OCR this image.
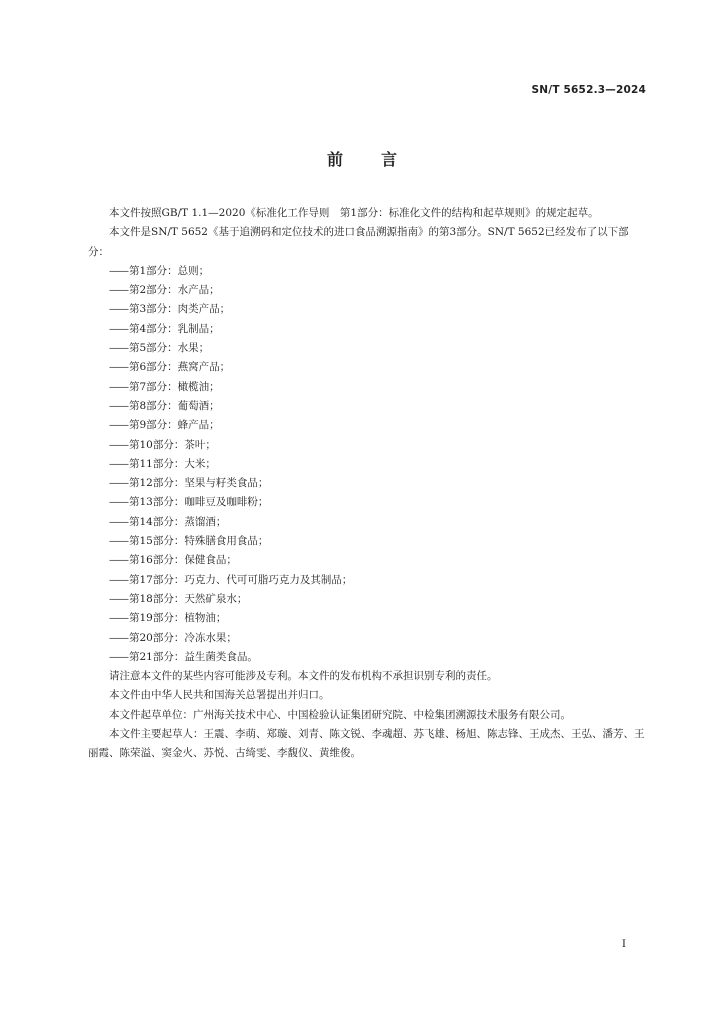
SN/T 5652.3—2024
前言

本文件按照GB/T 1.1—2020《标准化工作导则　第1部分：标准化文件的结构和起草规则》的规定起草。

本文件是SN/T 5652《基于追溯码和定位技术的进口食品溯源指南》的第3部分。SN/T 5652已经发布了以下部分：

——第1部分：总则；
——第2部分：水产品；
——第3部分：肉类产品；
——第4部分：乳制品；
——第5部分：水果；
——第6部分：燕窝产品；
——第7部分：橄榄油；
——第8部分：葡萄酒；
——第9部分：蜂产品；
——第10部分：茶叶；
——第11部分：大米；
——第12部分：坚果与籽类食品；
——第13部分：咖啡豆及咖啡粉；
——第14部分：蒸馏酒；
——第15部分：特殊膳食用食品；
——第16部分：保健食品；
——第17部分：巧克力、代可可脂巧克力及其制品；
——第18部分：天然矿泉水；
——第19部分：植物油；
——第20部分：冷冻水果；
——第21部分：益生菌类食品。

请注意本文件的某些内容可能涉及专利。本文件的发布机构不承担识别专利的责任。

本文件由中华人民共和国海关总署提出并归口。

本文件起草单位：广州海关技术中心、中国检验认证集团研究院、中检集团溯源技术服务有限公司。

本文件主要起草人：王震、李萌、郑璇、刘青、陈文锐、李魂超、苏飞雄、杨旭、陈志锋、王成杰、王弘、潘芳、王丽霞、陈荣溢、窦金火、苏悦、古绮雯、李馥仪、黄维俊。

I
